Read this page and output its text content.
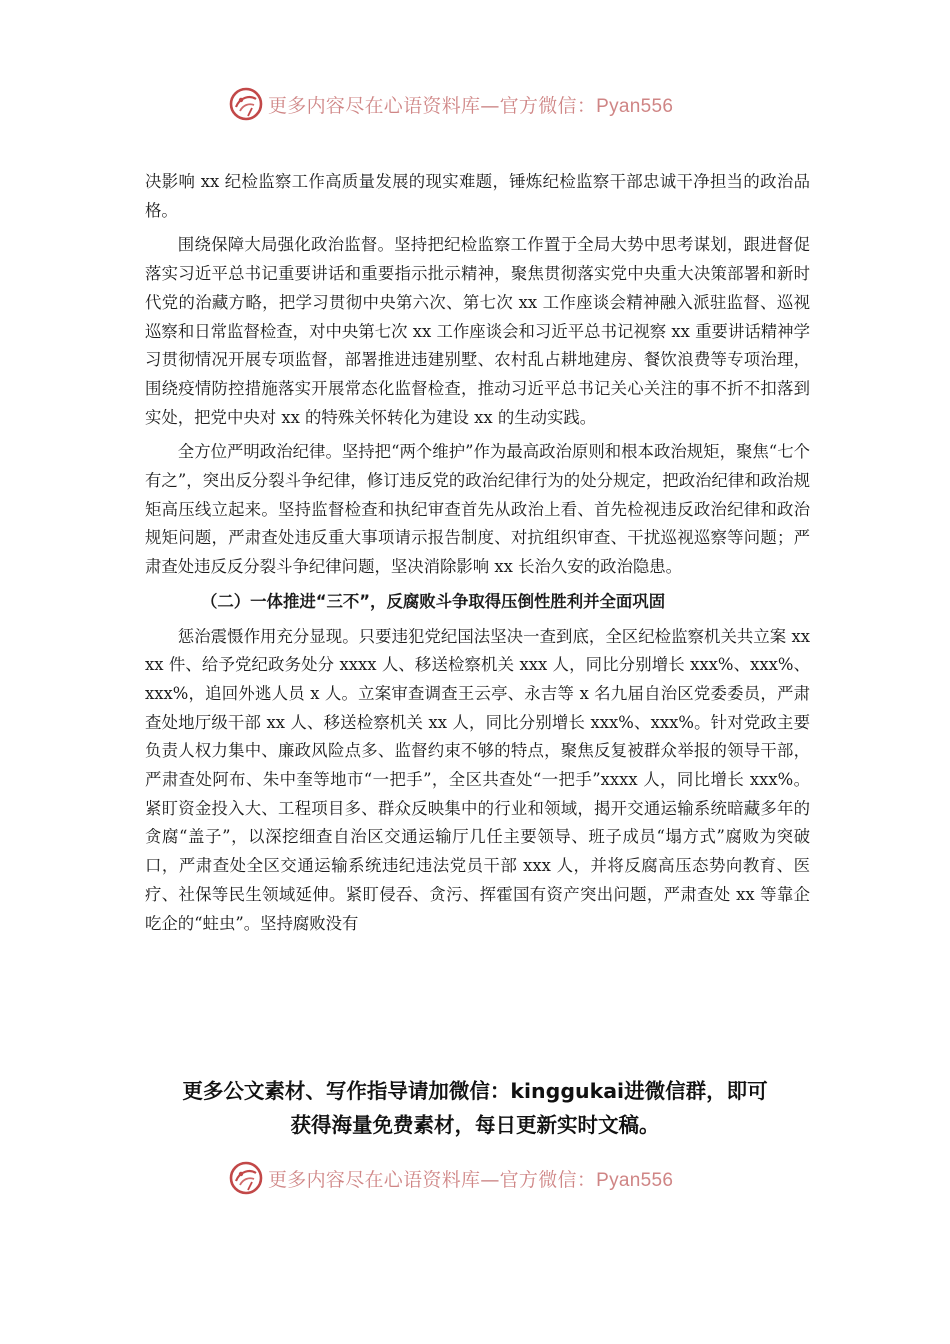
更多内容尽在心语资料库—官方微信：Pyan556

决影响 xx 纪检监察工作高质量发展的现实难题，锤炼纪检监察干部忠诚干净担当的政治品格。

围绕保障大局强化政治监督。坚持把纪检监察工作置于全局大势中思考谋划，跟进督促落实习近平总书记重要讲话和重要指示批示精神，聚焦贯彻落实党中央重大决策部署和新时代党的治藏方略，把学习贯彻中央第六次、第七次 xx 工作座谈会精神融入派驻监督、巡视巡察和日常监督检查，对中央第七次 xx 工作座谈会和习近平总书记视察 xx 重要讲话精神学习贯彻情况开展专项监督，部署推进违建别墅、农村乱占耕地建房、餐饮浪费等专项治理，围绕疫情防控措施落实开展常态化监督检查，推动习近平总书记关心关注的事不折不扣落到实处，把党中央对 xx 的特殊关怀转化为建设 xx 的生动实践。

全方位严明政治纪律。坚持把“两个维护”作为最高政治原则和根本政治规矩，聚焦“七个有之”，突出反分裂斗争纪律，修订违反党的政治纪律行为的处分规定，把政治纪律和政治规矩高压线立起来。坚持监督检查和执纪审查首先从政治上看、首先检视违反政治纪律和政治规矩问题，严肃查处违反重大事项请示报告制度、对抗组织审查、干扰巡视巡察等问题；严肃查处违反反分裂斗争纪律问题，坚决消除影响 xx 长治久安的政治隐患。

（二）一体推进“三不”，反腐败斗争取得压倒性胜利并全面巩固

惩治震慑作用充分显现。只要违犯党纪国法坚决一查到底，全区纪检监察机关共立案 xxxx 件、给予党纪政务处分 xxxx 人、移送检察机关 xxx 人，同比分别增长 xxx%、xxx%、xxx%，追回外逃人员 x 人。立案审查调查王云亭、永吉等 x 名九届自治区党委委员，严肃查处地厅级干部 xx 人、移送检察机关 xx 人，同比分别增长 xxx%、xxx%。针对党政主要负责人权力集中、廉政风险点多、监督约束不够的特点，聚焦反复被群众举报的领导干部，严肃查处阿布、朱中奎等地市“一把手”，全区共查处“一把手”xxxx 人，同比增长 xxx%。紧盯资金投入大、工程项目多、群众反映集中的行业和领域，揭开交通运输系统暗藏多年的贪腐“盖子”，以深挖细查自治区交通运输厅几任主要领导、班子成员“塌方式”腐败为突破口，严肃查处全区交通运输系统违纪违法党员干部 xxx 人，并将反腐高压态势向教育、医疗、社保等民生领域延伸。紧盯侵吞、贪污、挥霍国有资产突出问题，严肃查处 xx 等靠企吃企的“蛀虫”。坚持腐败没有

更多公文素材、写作指导请加微信：kinggukai进微信群，即可
获得海量免费素材，每日更新实时文稿。
更多内容尽在心语资料库—官方微信：Pyan556
